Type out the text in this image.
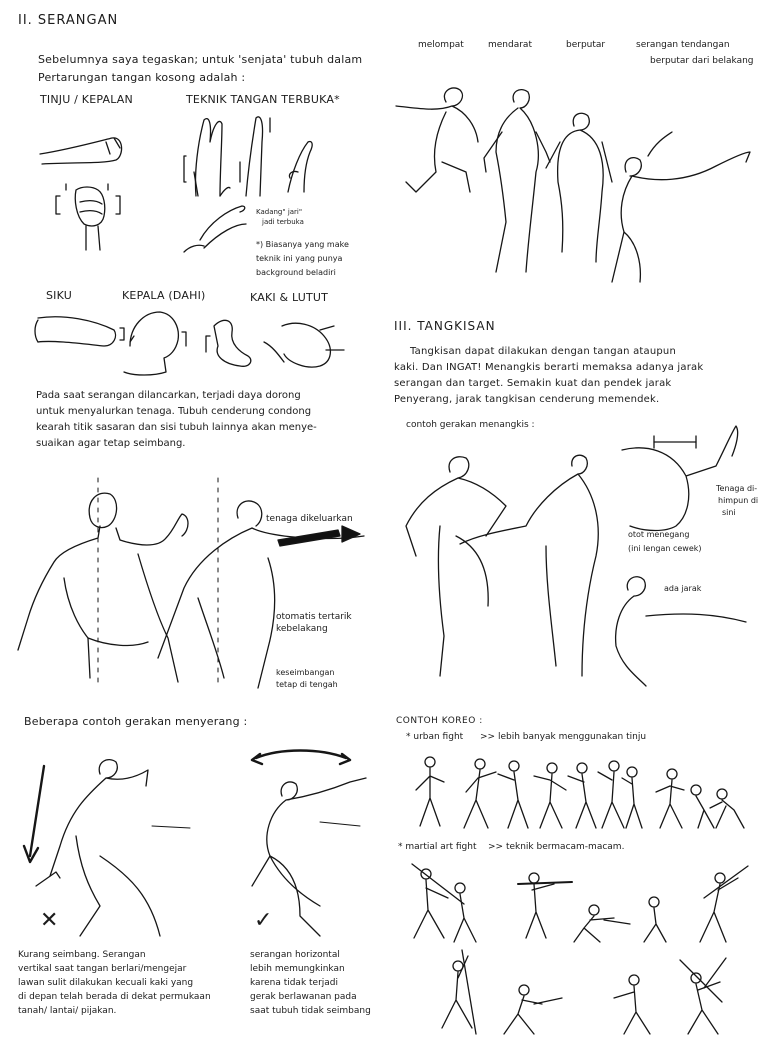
II. SERANGAN
Sebelumnya saya tegaskan; untuk 'senjata' tubuh dalam
Pertarungan tangan kosong adalah :
TINJU / KEPALAN	TEKNIK TANGAN TERBUKA*
Kadang" jari"
jadi terbuka
*) Biasanya yang make
teknik ini yang punya
background beladiri
SIKU	KEPALA (DAHI)	KAKI & LUTUT
Pada saat serangan dilancarkan, terjadi daya dorong
untuk menyalurkan tenaga. Tubuh cenderung condong
kearah titik sasaran dan sisi tubuh lainnya akan menye-
suaikan agar tetap seimbang.
tenaga dikeluarkan
otomatis tertarik
kebelakang
keseimbangan
tetap di tengah
melompat	mendarat	berputar	serangan tendangan
berputar dari belakang
III. TANGKISAN
Tangkisan dapat dilakukan dengan tangan ataupun
kaki. Dan INGAT! Menangkis berarti memaksa adanya jarak
serangan dan target. Semakin kuat dan pendek jarak
Penyerang, jarak tangkisan cenderung memendek.
contoh gerakan menangkis :
Tenaga di-
himpun di
sini
otot menegang
(ini lengan cewek)
ada jarak
Beberapa contoh gerakan menyerang :
✕	✓
Kurang seimbang. Serangan
vertikal saat tangan berlari/mengejar
lawan sulit dilakukan kecuali kaki yang
di depan telah berada di dekat permukaan
tanah/ lantai/ pijakan.
serangan horizontal
lebih memungkinkan
karena tidak terjadi
gerak berlawanan pada
saat tubuh tidak seimbang
CONTOH KOREO :
* urban fight >> lebih banyak menggunakan tinju
* martial art fight >> teknik bermacam-macam.
